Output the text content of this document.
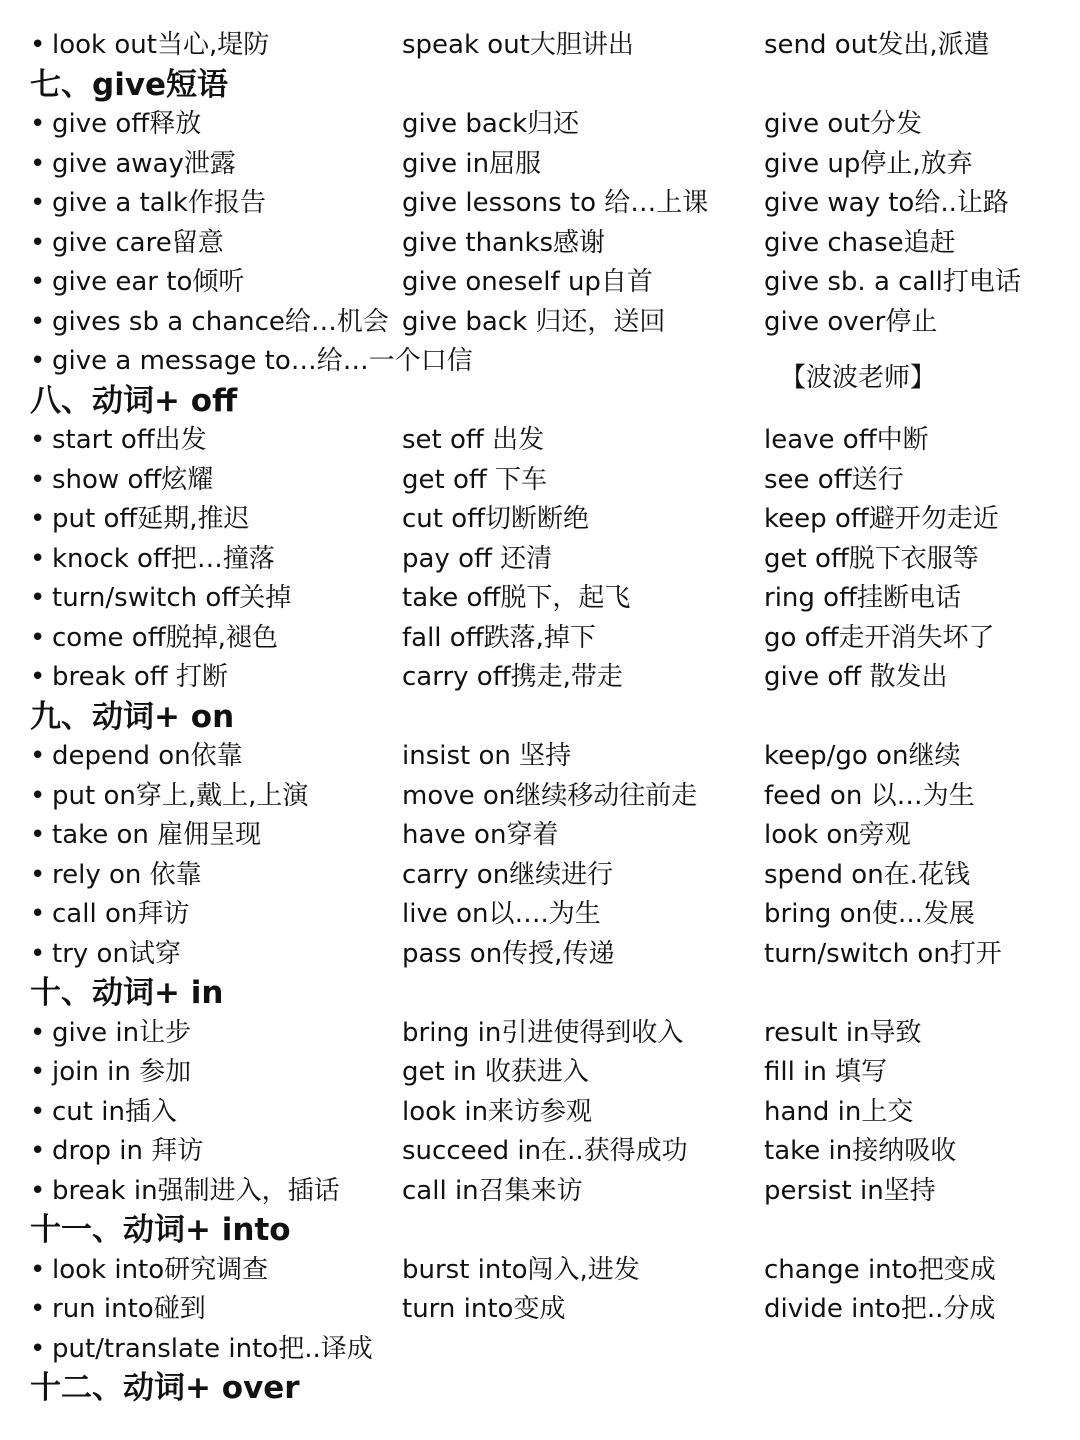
【波波老师】
• look out当心,堤防	speak out大胆讲出	send out发出,派遣
七、give短语
• give off释放	give back归还	give out分发
• give away泄露	give in屈服	give up停止,放弃
• give a talk作报告	give lessons to 给…上课 give way to给..让路
• give care留意	give thanks感谢	give chase追赶
• give ear to倾听	give oneself up自首	give sb. a call打电话
• gives sb a chance给…机会 give back 归还，送回	give over停止
• give a message to…给…一个口信
八、动词+ off
• start off出发	set off 出发	leave off中断
• show off炫耀	get off 下车	see off送行
• put off延期,推迟	cut off切断断绝	keep off避开勿走近
• knock off把…撞落	pay off 还清	get off脱下衣服等
• turn/switch off关掉	take off脱下，起飞	ring off挂断电话
• come off脱掉,褪色	fall off跌落,掉下	go off走开消失坏了
• break off 打断	carry off携走,带走	give off 散发出
九、动词+ on
• depend on依靠	insist on 坚持	keep/go on继续
• put on穿上,戴上,上演	move on继续移动往前走	feed on 以…为生
• take on 雇佣呈现	have on穿着	look on旁观
• rely on 依靠	carry on继续进行	spend on在.花钱
• call on拜访	live on以….为生	bring on使...发展
• try on试穿	pass on传授,传递	turn/switch on打开
十、动词+ in
• give in让步	bring in引进使得到收入	result in导致
• join in 参加	get in 收获进入	fill in 填写
• cut in插入	look in来访参观	hand in上交
• drop in 拜访	succeed in在..获得成功	take in接纳吸收
• break in强制进入，插话 call in召集来访	persist in坚持
十一、动词+ into
• look into研究调查	burst into闯入,进发	change into把变成
• run into碰到	turn into变成	divide into把..分成
• put/translate into把..译成
十二、动词+ over
